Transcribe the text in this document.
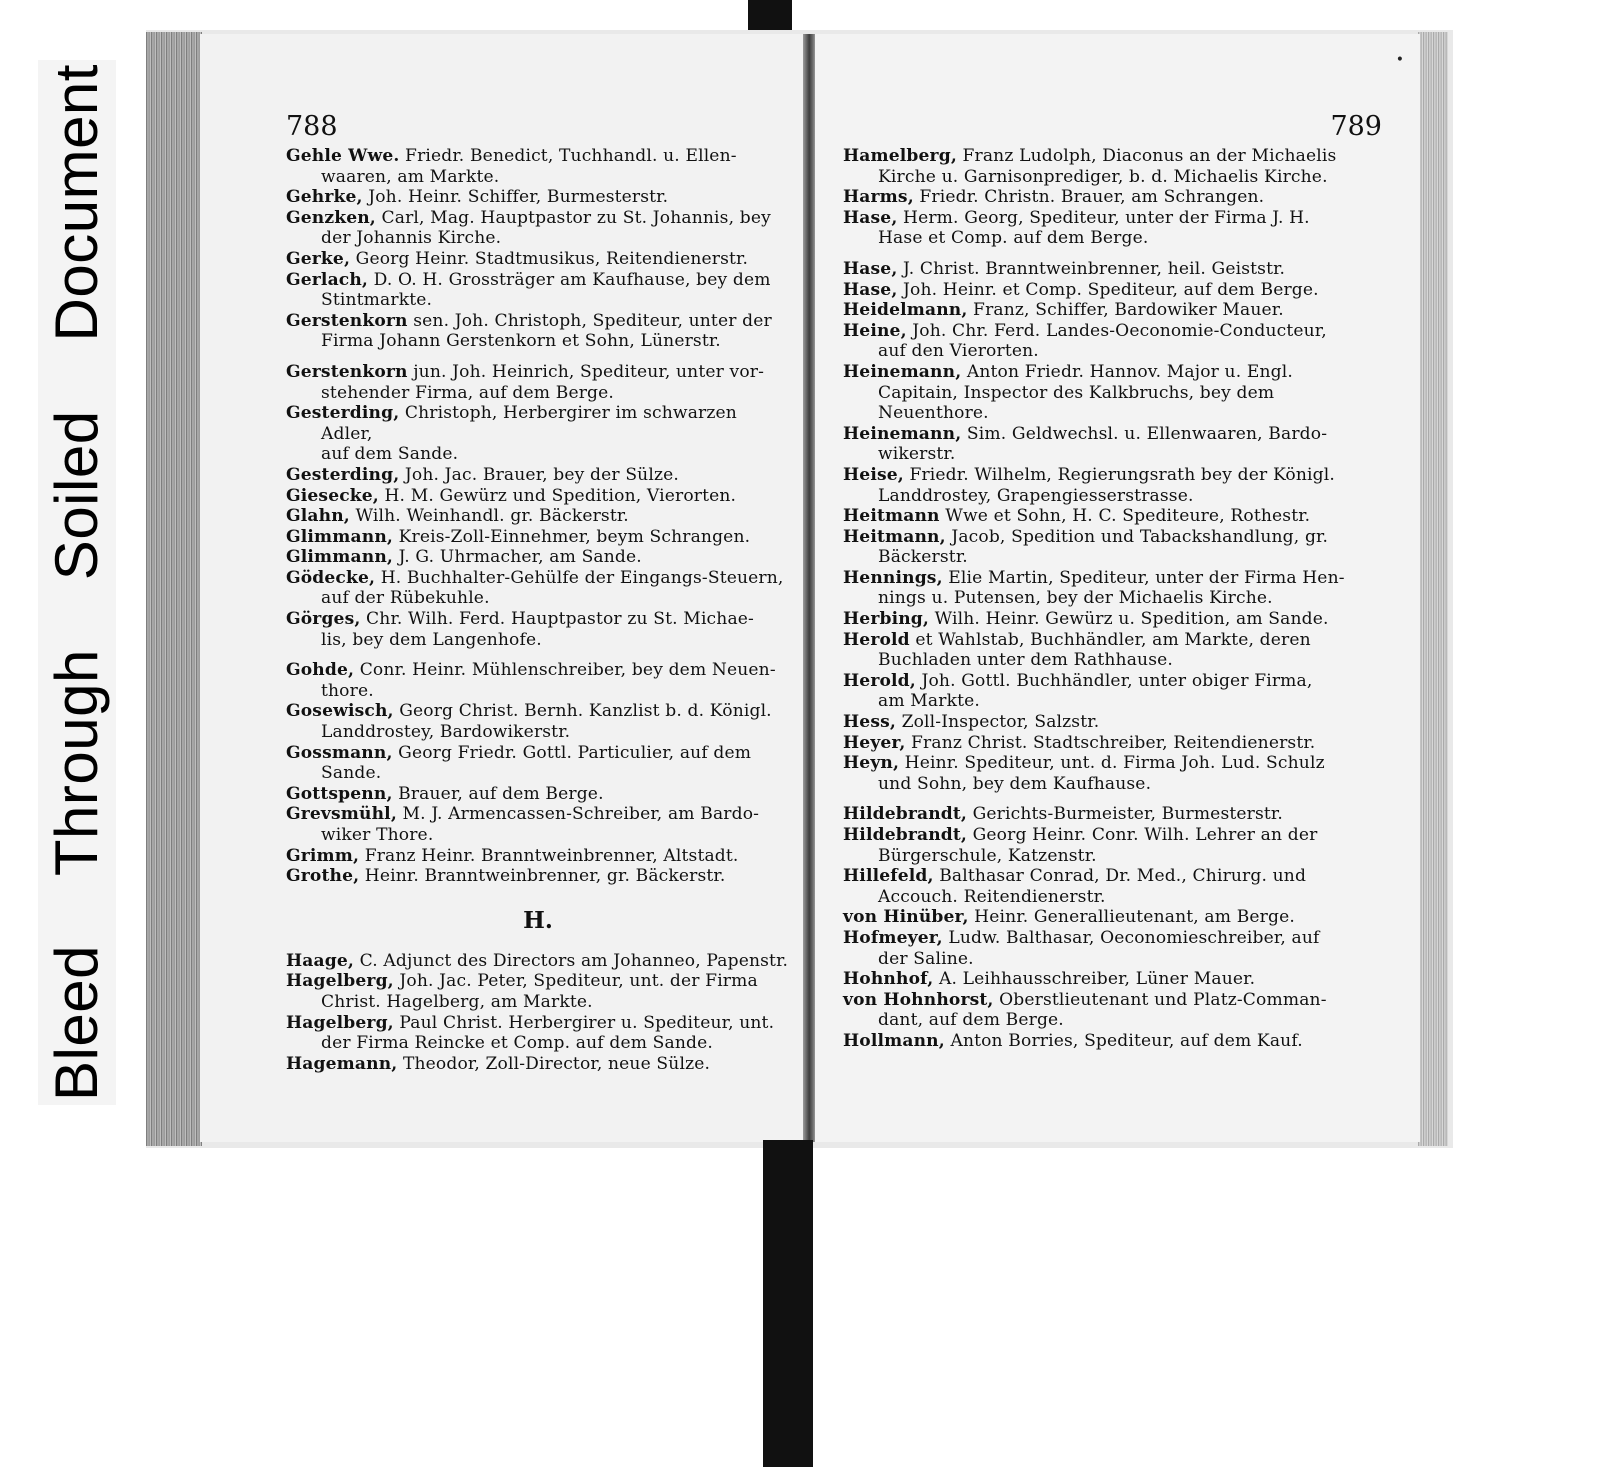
Bleed
Through
Soiled
Document	788

Gehle Wwe. Friedr. Benedict, Tuchhandl. u. Ellen-
waaren, am Markte.

Gehrke, Joh. Heinr. Schiffer, Burmesterstr.

Genzken, Carl, Mag. Hauptpastor zu St. Johannis, bey
der Johannis Kirche.

Gerke, Georg Heinr. Stadtmusikus, Reitendienerstr.

Gerlach, D. O. H. Grossträger am Kaufhause, bey dem
Stintmarkte.

Gerstenkorn sen. Joh. Christoph, Spediteur, unter der
Firma Johann Gerstenkorn et Sohn, Lünerstr.

Gerstenkorn jun. Joh. Heinrich, Spediteur, unter vor-
stehender Firma, auf dem Berge.

Gesterding, Christoph, Herbergirer im schwarzen Adler,
auf dem Sande.

Gesterding, Joh. Jac. Brauer, bey der Sülze.

Giesecke, H. M. Gewürz und Spedition, Vierorten.

Glahn, Wilh. Weinhandl. gr. Bäckerstr.

Glimmann, Kreis-Zoll-Einnehmer, beym Schrangen.

Glimmann, J. G. Uhrmacher, am Sande.

Gödecke, H. Buchhalter-Gehülfe der Eingangs-Steuern,
auf der Rübekuhle.

Görges, Chr. Wilh. Ferd. Hauptpastor zu St. Michae-
lis, bey dem Langenhofe.

Gohde, Conr. Heinr. Mühlenschreiber, bey dem Neuen-
thore.

Gosewisch, Georg Christ. Bernh. Kanzlist b. d. Königl.
Landdrostey, Bardowikerstr.

Gossmann, Georg Friedr. Gottl. Particulier, auf dem
Sande.

Gottspenn, Brauer, auf dem Berge.

Grevsmühl, M. J. Armencassen-Schreiber, am Bardo-
wiker Thore.

Grimm, Franz Heinr. Branntweinbrenner, Altstadt.

Grothe, Heinr. Branntweinbrenner, gr. Bäckerstr.

H.

Haage, C. Adjunct des Directors am Johanneo, Papenstr.

Hagelberg, Joh. Jac. Peter, Spediteur, unt. der Firma
Christ. Hagelberg, am Markte.

Hagelberg, Paul Christ. Herbergirer u. Spediteur, unt.
der Firma Reincke et Comp. auf dem Sande.

Hagemann, Theodor, Zoll-Director, neue Sülze.

•
789

Hamelberg, Franz Ludolph, Diaconus an der Michaelis
Kirche u. Garnisonprediger, b. d. Michaelis Kirche.

Harms, Friedr. Christn. Brauer, am Schrangen.

Hase, Herm. Georg, Spediteur, unter der Firma J. H.
Hase et Comp. auf dem Berge.

Hase, J. Christ. Branntweinbrenner, heil. Geiststr.

Hase, Joh. Heinr. et Comp. Spediteur, auf dem Berge.

Heidelmann, Franz, Schiffer, Bardowiker Mauer.

Heine, Joh. Chr. Ferd. Landes-Oeconomie-Conducteur,
auf den Vierorten.

Heinemann, Anton Friedr. Hannov. Major u. Engl.
Capitain, Inspector des Kalkbruchs, bey dem
Neuenthore.

Heinemann, Sim. Geldwechsl. u. Ellenwaaren, Bardo-
wikerstr.

Heise, Friedr. Wilhelm, Regierungsrath bey der Königl.
Landdrostey, Grapengiesserstrasse.

Heitmann Wwe et Sohn, H. C. Spediteure, Rothestr.

Heitmann, Jacob, Spedition und Tabackshandlung, gr.
Bäckerstr.

Hennings, Elie Martin, Spediteur, unter der Firma Hen-
nings u. Putensen, bey der Michaelis Kirche.

Herbing, Wilh. Heinr. Gewürz u. Spedition, am Sande.

Herold et Wahlstab, Buchhändler, am Markte, deren
Buchladen unter dem Rathhause.

Herold, Joh. Gottl. Buchhändler, unter obiger Firma,
am Markte.

Hess, Zoll-Inspector, Salzstr.

Heyer, Franz Christ. Stadtschreiber, Reitendienerstr.

Heyn, Heinr. Spediteur, unt. d. Firma Joh. Lud. Schulz
und Sohn, bey dem Kaufhause.

Hildebrandt, Gerichts-Burmeister, Burmesterstr.

Hildebrandt, Georg Heinr. Conr. Wilh. Lehrer an der
Bürgerschule, Katzenstr.

Hillefeld, Balthasar Conrad, Dr. Med., Chirurg. und
Accouch. Reitendienerstr.

von Hinüber, Heinr. Generallieutenant, am Berge.

Hofmeyer, Ludw. Balthasar, Oeconomieschreiber, auf
der Saline.

Hohnhof, A. Leihhausschreiber, Lüner Mauer.

von Hohnhorst, Oberstlieutenant und Platz-Comman-
dant, auf dem Berge.

Hollmann, Anton Borries, Spediteur, auf dem Kauf.
